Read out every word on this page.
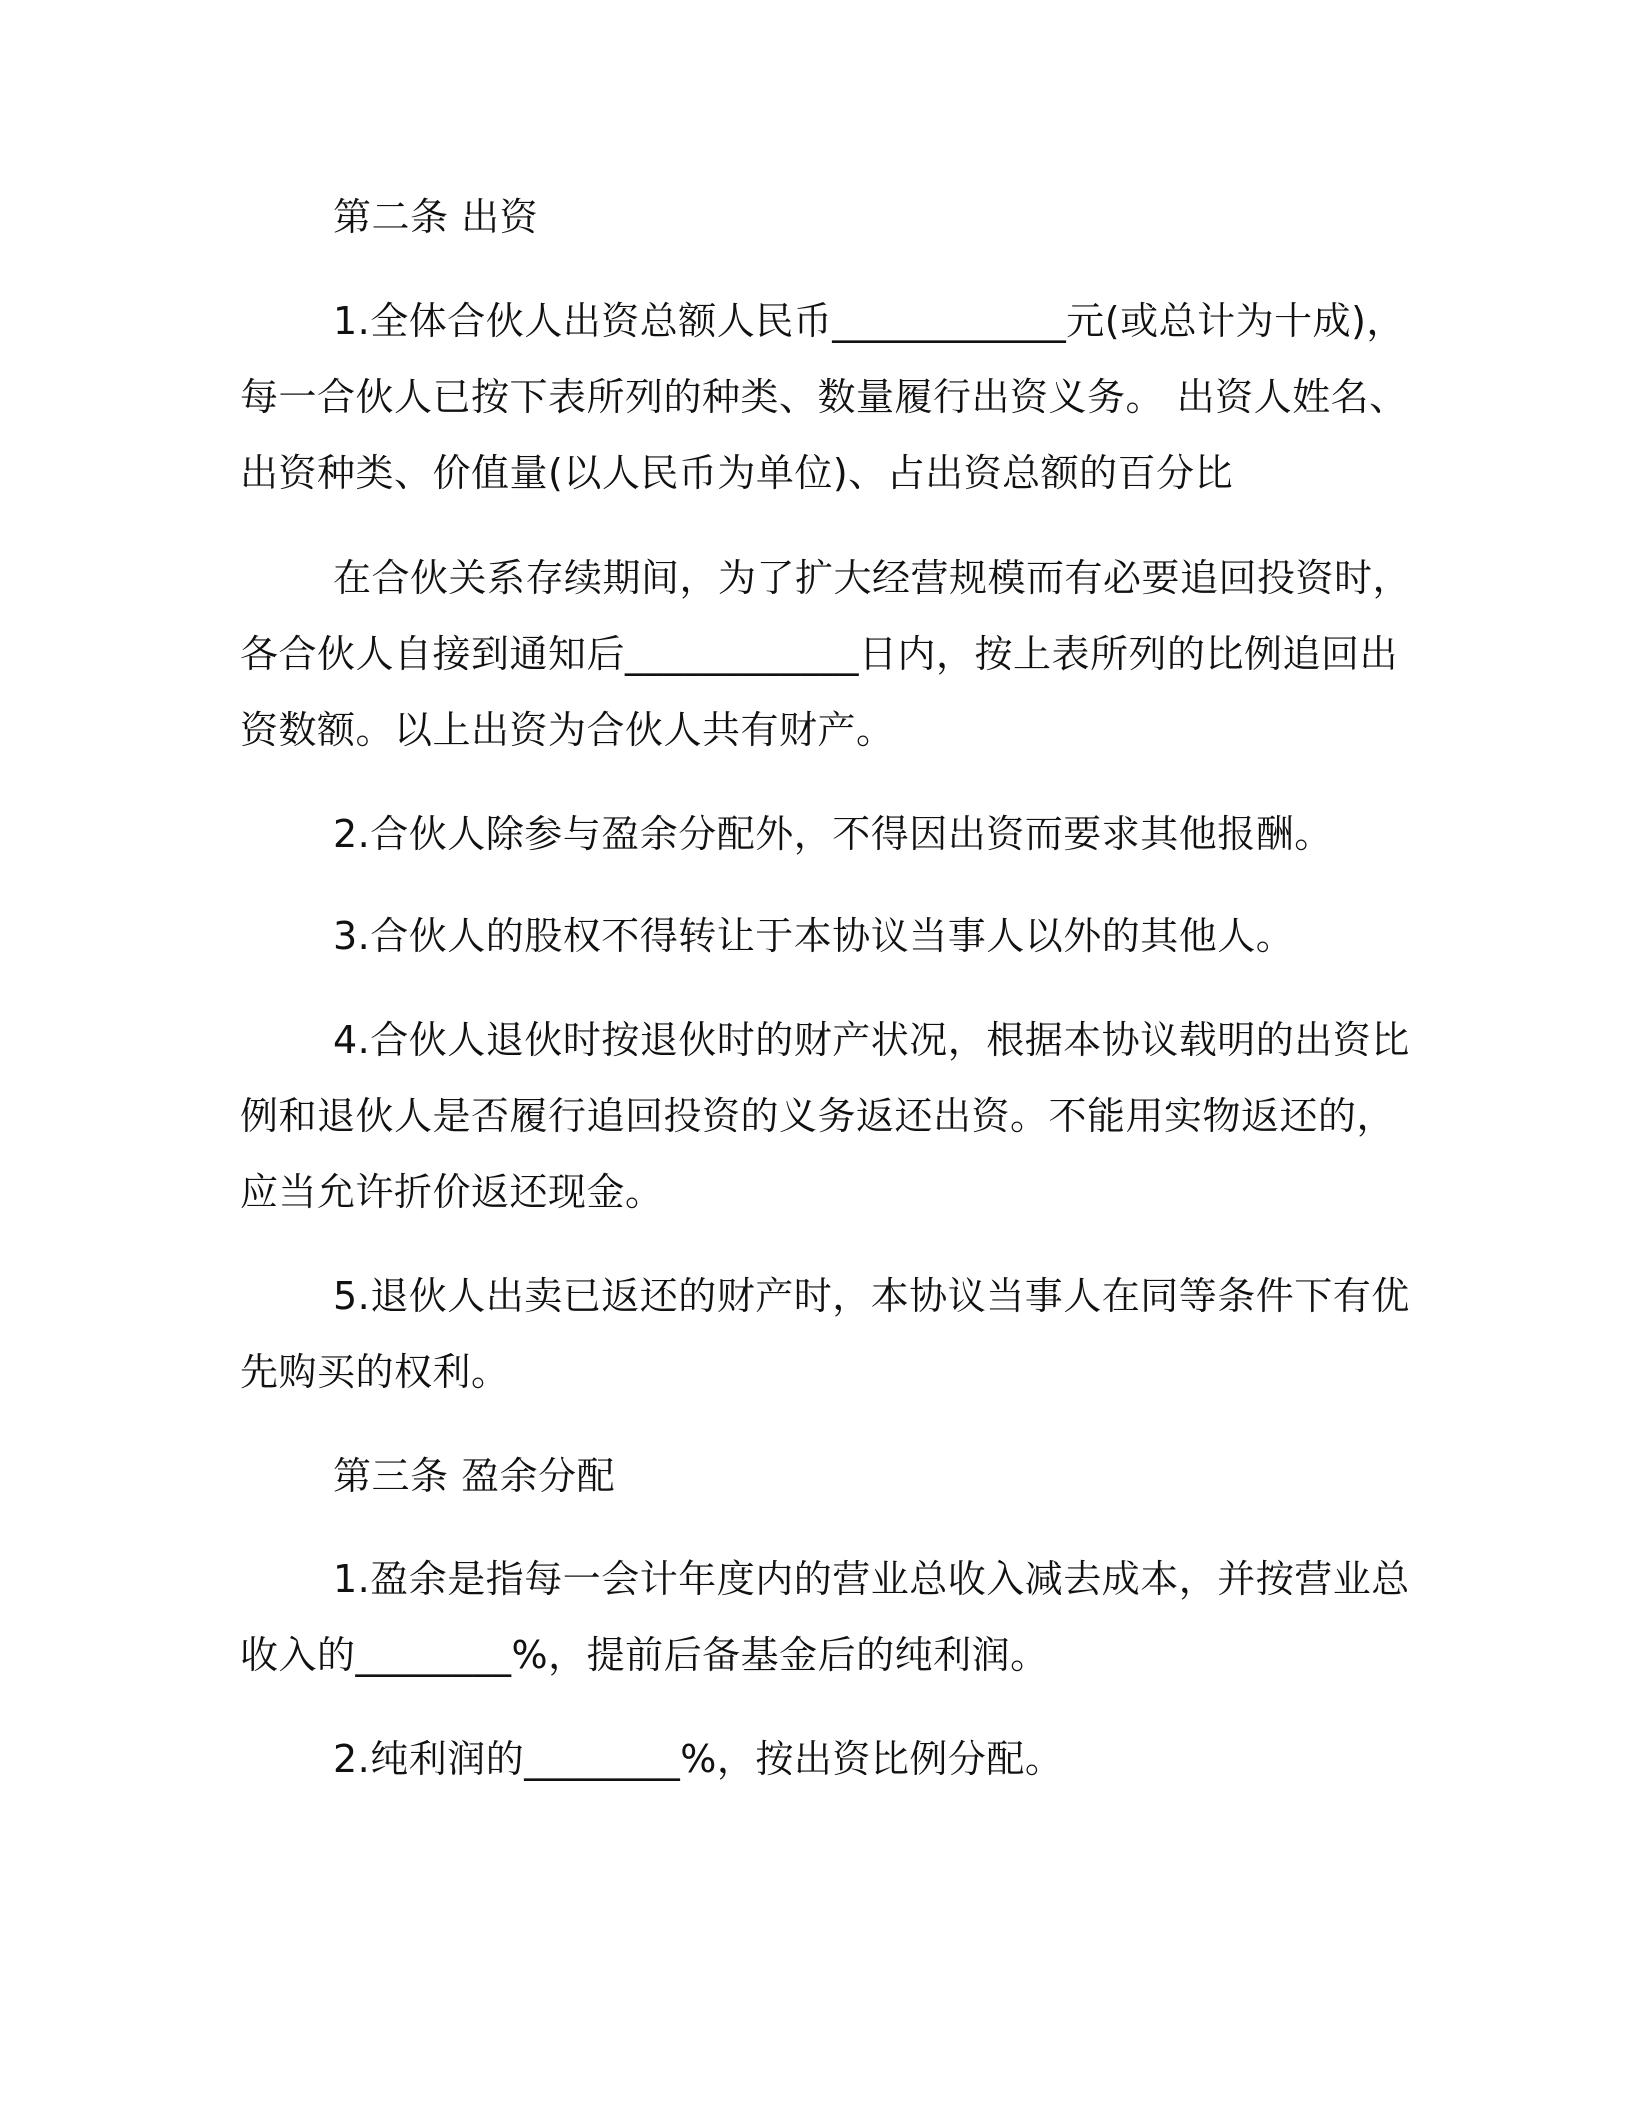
第二条 出资
1.全体合伙人出资总额人民币____________元(或总计为十成)，
每一合伙人已按下表所列的种类、数量履行出资义务。 出资人姓名、
出资种类、价值量(以人民币为单位)、占出资总额的百分比
在合伙关系存续期间，为了扩大经营规模而有必要追回投资时，
各合伙人自接到通知后____________日内，按上表所列的比例追回出
资数额。以上出资为合伙人共有财产。
2.合伙人除参与盈余分配外，不得因出资而要求其他报酬。
3.合伙人的股权不得转让于本协议当事人以外的其他人。
4.合伙人退伙时按退伙时的财产状况，根据本协议载明的出资比
例和退伙人是否履行追回投资的义务返还出资。不能用实物返还的，
应当允许折价返还现金。
5.退伙人出卖已返还的财产时，本协议当事人在同等条件下有优
先购买的权利。
第三条 盈余分配
1.盈余是指每一会计年度内的营业总收入减去成本，并按营业总
收入的________%，提前后备基金后的纯利润。
2.纯利润的________%，按出资比例分配。
